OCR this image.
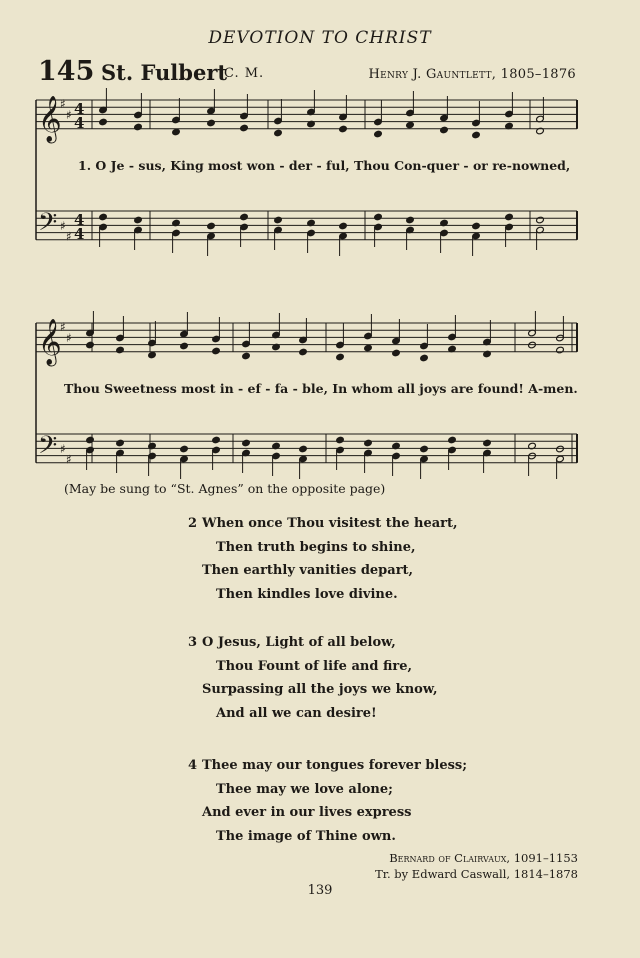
DEVOTION TO CHRIST
145 St. Fulbert
C. M.	Henry J. Gauntlett, 1805–1876
𝄞
𝄢
♯
♯
♯
♯
4
4
4
4
𝄞
𝄢
♯
♯
♯
♯
1. O Je - sus, King most won - der - ful, Thou Con-quer - or re-nowned,
Thou Sweetness most in - ef - fa - ble, In whom all joys are found! A-men.
(May be sung to “St. Agnes” on the opposite page)
2 When once Thou visitest the heart,
Then truth begins to shine,
Then earthly vanities depart,
Then kindles love divine.
3 O Jesus, Light of all below,
Thou Fount of life and fire,
Surpassing all the joys we know,
And all we can desire!
4 Thee may our tongues forever bless;
Thee may we love alone;
And ever in our lives express
The image of Thine own.
Bernard of Clairvaux, 1091–1153
Tr. by Edward Caswall, 1814–1878
139
